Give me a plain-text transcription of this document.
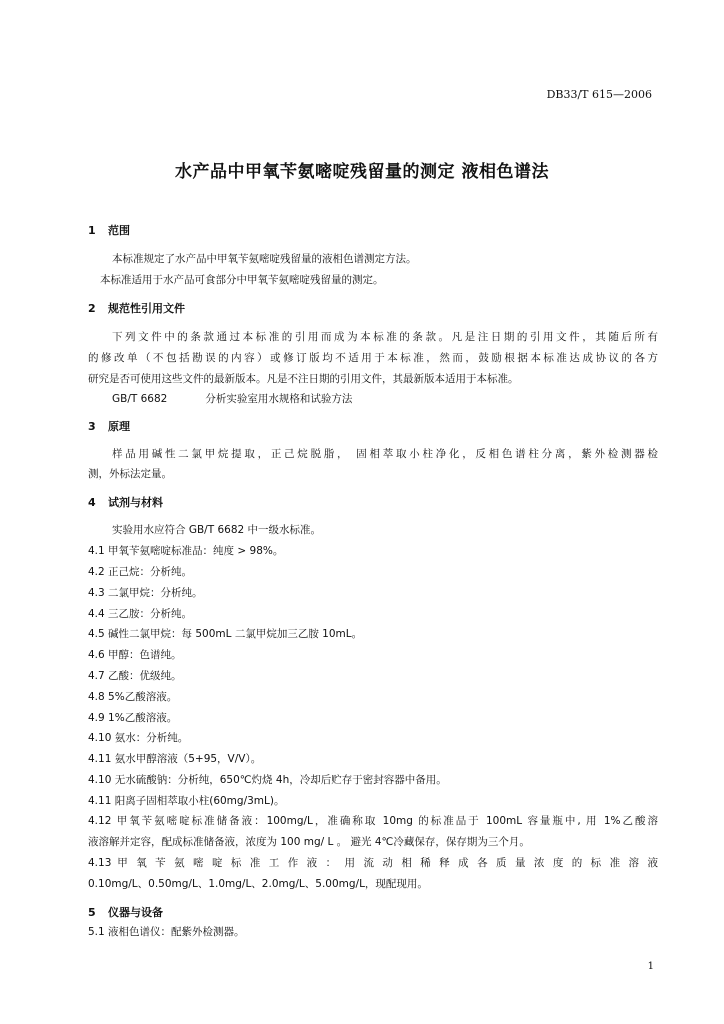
DB33/T 615—2006
水产品中甲氧苄氨嘧啶残留量的测定 液相色谱法
1 范围
本标准规定了水产品中甲氧苄氨嘧啶残留量的液相色谱测定方法。
本标准适用于水产品可食部分中甲氧苄氨嘧啶残留量的测定。
2 规范性引用文件
下列文件中的条款通过本标准的引用而成为本标准的条款。凡是注日期的引用文件，其随后所有
的修改单（不包括勘误的内容）或修订版均不适用于本标准，然而，鼓励根据本标准达成协议的各方
研究是否可使用这些文件的最新版本。凡是不注日期的引用文件，其最新版本适用于本标准。
GB/T 6682	分析实验室用水规格和试验方法
3 原理
样品用碱性二氯甲烷提取，正己烷脱脂， 固相萃取小柱净化，反相色谱柱分离，紫外检测器检
测，外标法定量。
4 试剂与材料
实验用水应符合 GB/T 6682 中一级水标准。
4.1 甲氧苄氨嘧啶标准品：纯度 > 98%。
4.2 正己烷：分析纯。
4.3 二氯甲烷：分析纯。
4.4 三乙胺：分析纯。
4.5 碱性二氯甲烷：每 500mL 二氯甲烷加三乙胺 10mL。
4.6 甲醇：色谱纯。
4.7 乙酸：优级纯。
4.8 5%乙酸溶液。
4.9 1%乙酸溶液。
4.10 氨水：分析纯。
4.11 氨水甲醇溶液（5+95，V/V）。
4.10 无水硫酸钠：分析纯，650℃灼烧 4h，冷却后贮存于密封容器中备用。
4.11 阳离子固相萃取小柱(60mg/3mL)。
4.12 甲氧苄氨嘧啶标准储备液：100mg/L，准确称取 10mg 的标准品于 100mL 容量瓶中, 用 1%乙酸溶
液溶解并定容，配成标准储备液，浓度为 100 mg/ L 。 避光 4℃冷藏保存，保存期为三个月。
4.13 甲 氧 苄 氨 嘧 啶 标 准 工 作 液 ： 用 流 动 相 稀 释 成 各 质 量 浓 度 的 标 准 溶 液
0.10mg/L、0.50mg/L、1.0mg/L、2.0mg/L、5.00mg/L，现配现用。
5 仪器与设备
5.1 液相色谱仪：配紫外检测器。
1
